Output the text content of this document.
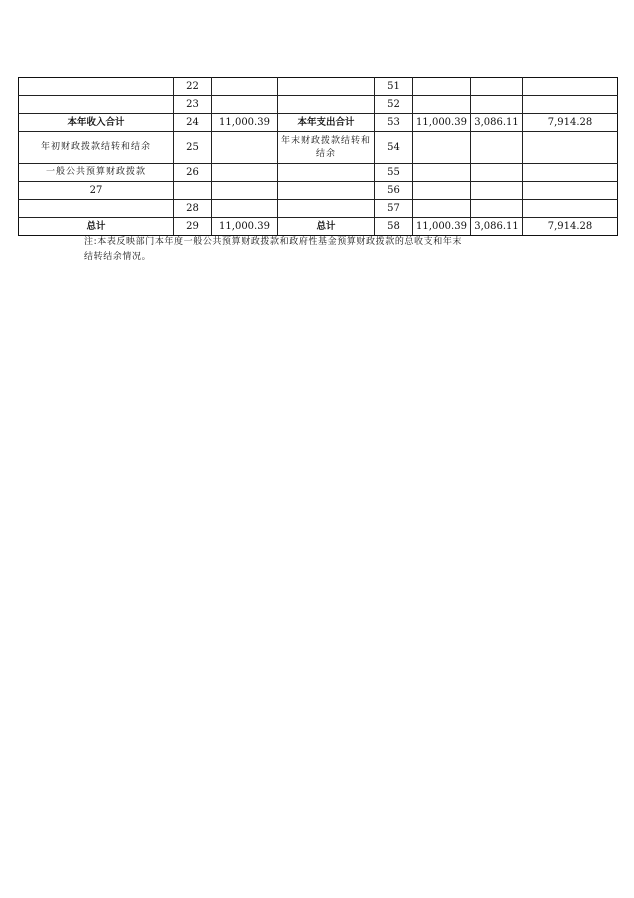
	22			51			
	23			52			
本年收入合计	24	11,000.39	本年支出合计	53	11,000.39	3,086.11	7,914.28
年初财政拨款结转和结余	25		年末财政拨款结转和结余	54			
一般公共预算财政拨款	26			55			
27				56			
	28			57			
总计	29	11,000.39	总计	58	11,000.39	3,086.11	7,914.28
注:本表反映部门本年度一般公共预算财政拨款和政府性基金预算财政拨款的总收支和年末
结转结余情况。
